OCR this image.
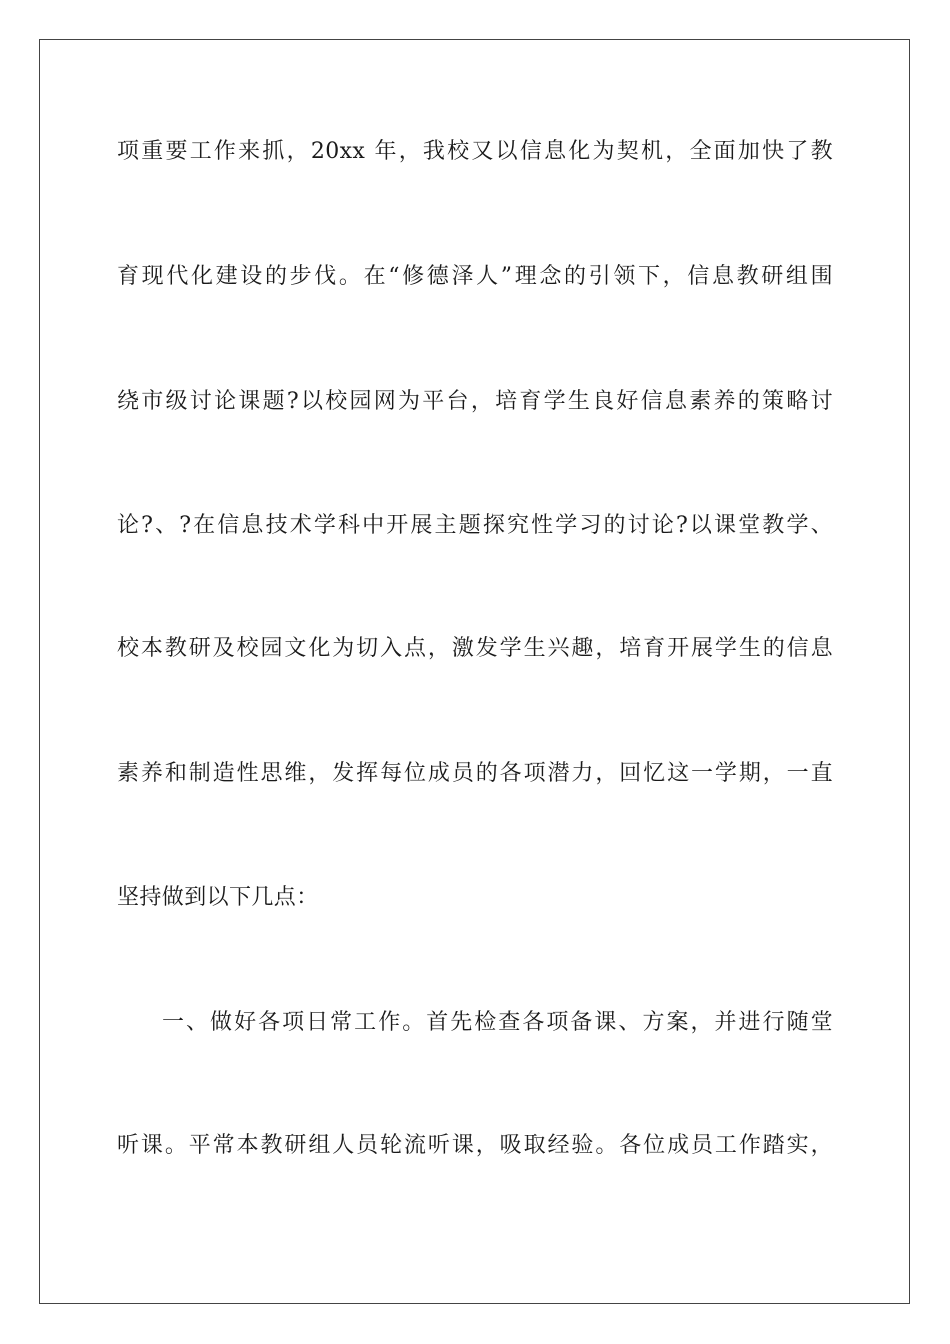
项重要工作来抓，20xx 年，我校又以信息化为契机，全面加快了教
育现代化建设的步伐。在“修德泽人”理念的引领下，信息教研组围
绕市级讨论课题?以校园网为平台，培育学生良好信息素养的策略讨
论?、?在信息技术学科中开展主题探究性学习的讨论?以课堂教学、
校本教研及校园文化为切入点，激发学生兴趣，培育开展学生的信息
素养和制造性思维，发挥每位成员的各项潜力，回忆这一学期，一直
坚持做到以下几点：
一、做好各项日常工作。首先检查各项备课、方案，并进行随堂
听课。平常本教研组人员轮流听课，吸取经验。各位成员工作踏实，
